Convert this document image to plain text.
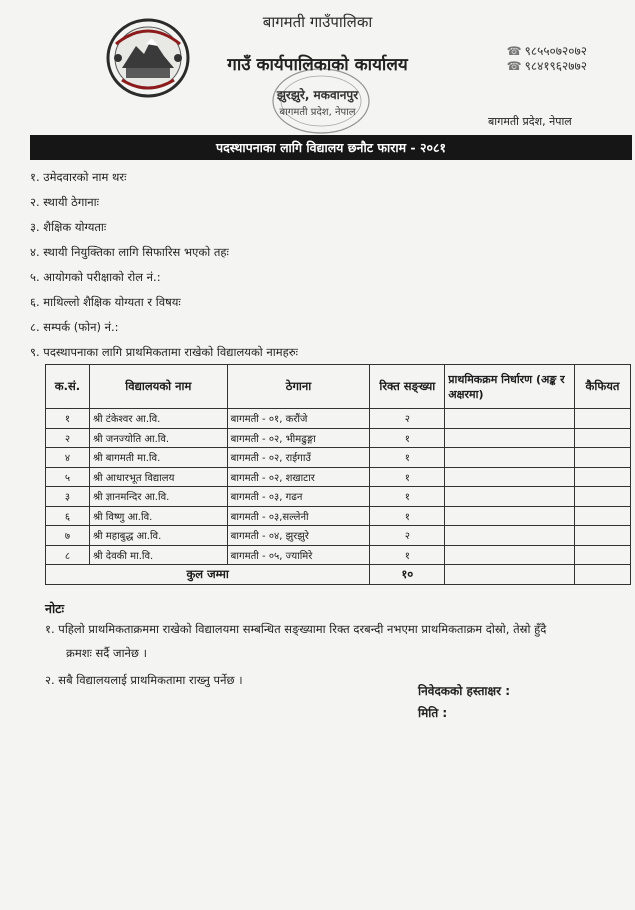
बागमती गाउँपालिका
गाउँ कार्यपालिकाको कार्यालय
झुरझुरे, मकवानपुर
बागमती प्रदेश, नेपाल
☎ ९८५५०७२०७२
☎ ९८४१९६२७७२
बागमती प्रदेश, नेपाल
पदस्थापनाका लागि विद्यालय छनौट फाराम - २०८१
१. उमेदवारको नाम थरः
२. स्थायी ठेगानाः
३. शैक्षिक योग्यताः
४. स्थायी नियुक्तिका लागि सिफारिस भएको तहः
५. आयोगको परीक्षाको रोल नं.:
६. माथिल्लो शैक्षिक योग्यता र विषयः
८. सम्पर्क (फोन) नं.:
९. पदस्थापनाका लागि प्राथमिकतामा राखेको विद्यालयको नामहरुः
क.सं.	विद्यालयको नाम	ठेगाना	रिक्त सङ्ख्या	प्राथमिकक्रम निर्धारण (अङ्क र अक्षरमा)	कैफियत
१	श्री टंकेश्वर आ.वि.	बागमती - ०१, करौंजे	२		
२	श्री जनज्योति आ.वि.	बागमती - ०२, भीमढुङ्गा	१		
४	श्री बागमती मा.वि.	बागमती - ०२, राईगाउँ	१		
५	श्री आधारभूत विद्यालय	बागमती - ०२, शखाटार	१		
३	श्री ज्ञानमन्दिर आ.वि.	बागमती - ०३, गढन	१		
६	श्री विष्णु आ.वि.	बागमती - ०३,सल्लेनी	१		
७	श्री महाबुद्ध आ.वि.	बागमती - ०४, झुरझुरे	२		
८	श्री देवकी मा.वि.	बागमती - ०५, ज्यामिरे	१		
कुल जम्मा			१०		
नोटः
१. पहिलो प्राथमिकताक्रममा राखेको विद्यालयमा सम्बन्धित सङ्ख्यामा रिक्त दरबन्दी नभएमा प्राथमिकताक्रम दोस्रो, तेस्रो हुँदै
क्रमशः सर्दै जानेछ ।
२. सबै विद्यालयलाई प्राथमिकतामा राख्नु पर्नेछ ।
निवेदकको हस्ताक्षर :
मिति :
